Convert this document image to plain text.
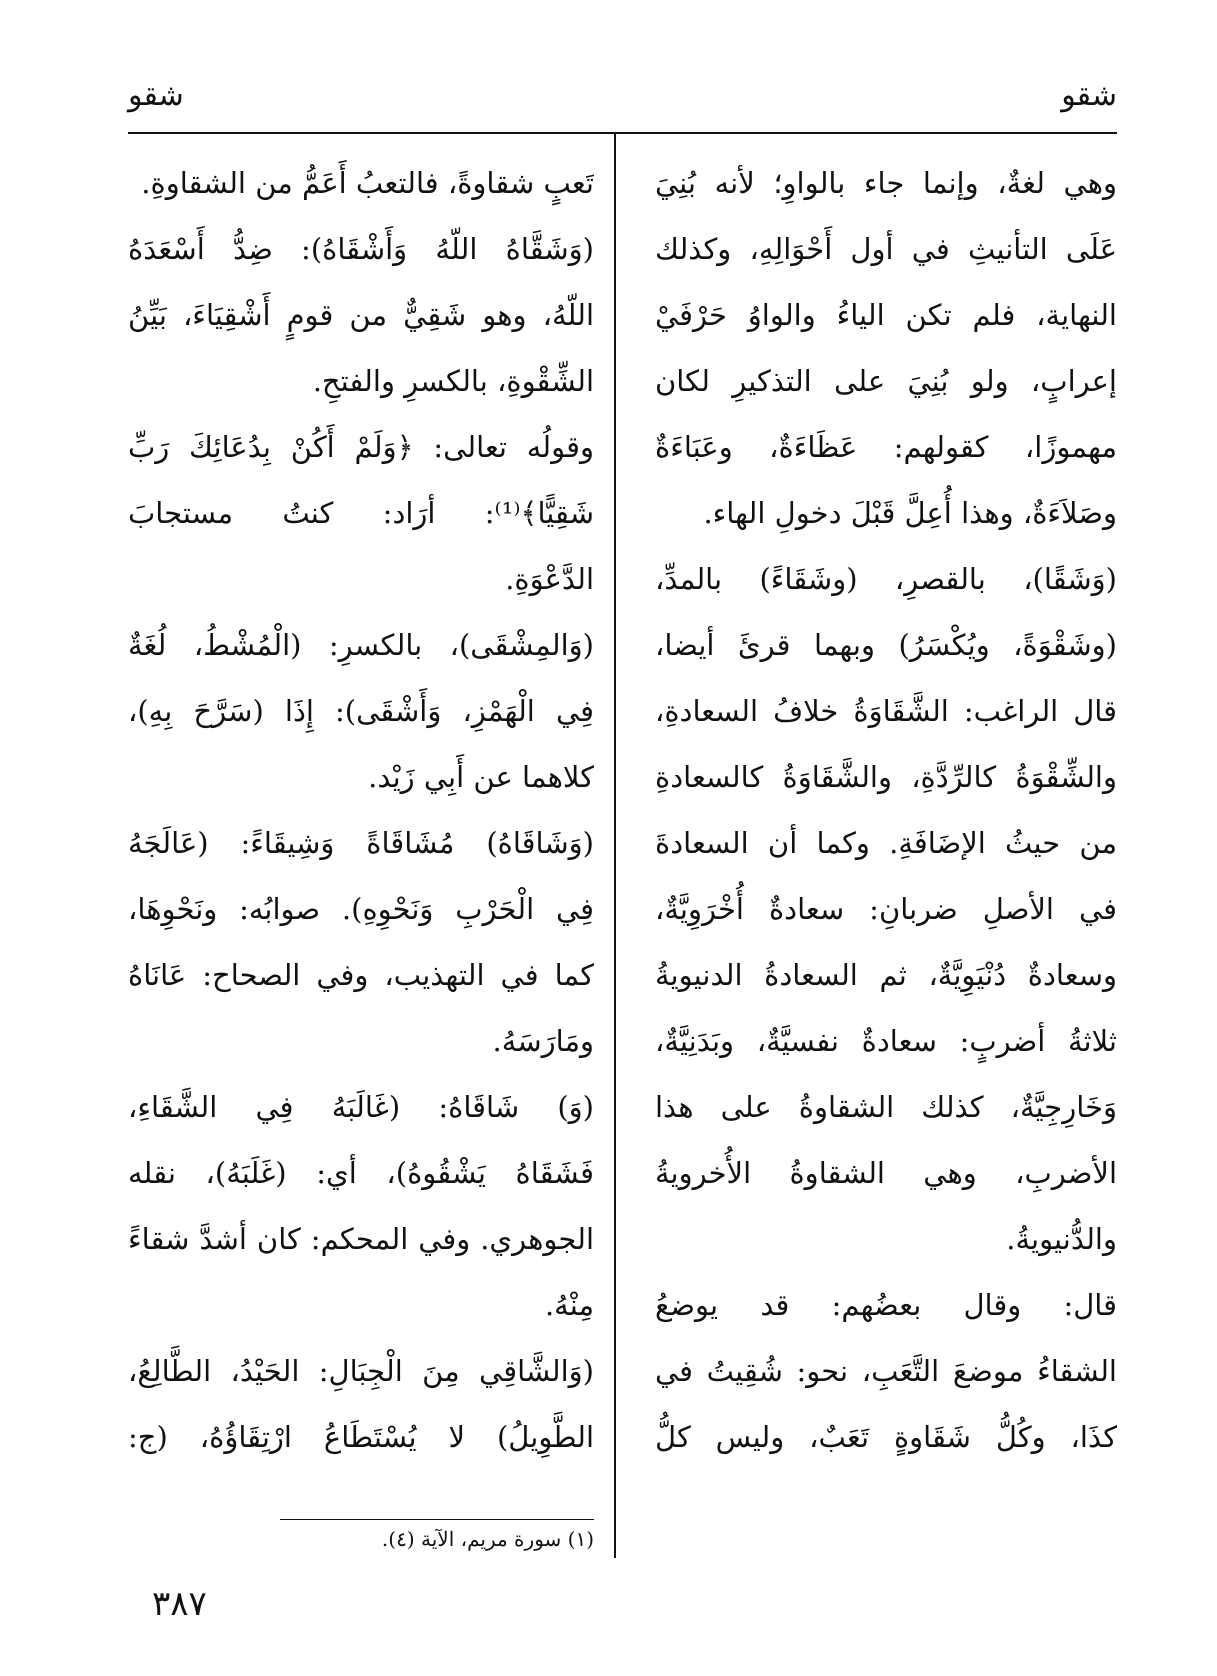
شقو
شقو
وهي لغةٌ، وإنما جاء بالواوِ؛ لأنه بُنِيَ
عَلَى التأنيثِ في أول أَحْوَالِهِ، وكذلك
النهاية، فلم تكن الياءُ والواوُ حَرْفَيْ
إعرابٍ، ولو بُنِيَ على التذكيرِ لكان
مهموزًا، كقولهم: عَظَاءَةٌ، وعَبَاءَةٌ
وصَلاَءَةٌ، وهذا أُعِلَّ قَبْلَ دخولِ الهاء.
(وَشَقًا)، بالقصرِ، (وشَقَاءً) بالمدِّ،
(وشَقْوَةً، ويُكْسَرُ) وبهما قرئَ أيضا،
قال الراغب: الشَّقَاوَةُ خلافُ السعادةِ،
والشِّقْوَةُ كالرِّدَّةِ، والشَّقَاوَةُ كالسعادةِ
من حيثُ الإضَافَةِ. وكما أن السعادةَ
في الأصلِ ضربانِ: سعادةٌ أُخْرَوِيَّةٌ،
وسعادةٌ دُنْيَوِيَّةٌ، ثم السعادةُ الدنيويةُ
ثلاثةُ أضربٍ: سعادةٌ نفسيَّةٌ، وبَدَنِيَّةٌ،
وَخَارِجِيَّةٌ، كذلك الشقاوةُ على هذا
الأضربِ، وهي الشقاوةُ الأُخرويةُ
والدُّنيويةُ.
قال: وقال بعضُهم: قد يوضعُ
الشقاءُ موضعَ التَّعَبِ، نحو: شُقِيتُ في
كذَا، وكُلُّ شَقَاوةٍ تَعَبٌ، وليس كلُّ
تَعبٍ شقاوةً، فالتعبُ أَعَمُّ من الشقاوةِ.
(وَشَقَّاهُ اللّهُ وَأَشْقَاهُ): ضِدُّ أَسْعَدَهُ
اللّهُ، وهو شَقِيٌّ من قومٍ أَشْقِيَاءَ، بَيِّنُ
الشِّقْوةِ، بالكسرِ والفتحِ.
وقولُه تعالى: ﴿وَلَمْ أَكُنْ بِدُعَائِكَ رَبِّ
شَقِيًّا﴾⁽¹⁾: أرَاد: كنتُ مستجابَ
الدَّعْوَةِ.
(وَالمِشْقَى)، بالكسرِ: (الْمُشْطُ، لُغَةٌ
فِي الْهَمْزِ، وَأَشْقَى): إِذَا (سَرَّحَ بِهِ)،
كلاهما عن أَبِي زَيْد.
(وَشَاقَاهُ) مُشَاقَاةً وَشِيقَاءً: (عَالَجَهُ
فِي الْحَرْبِ وَنَحْوِهِ). صوابُه: ونَحْوِهَا،
كما في التهذيب، وفي الصحاح: عَانَاهُ
ومَارَسَهُ.
(وَ) شَاقَاهُ: (غَالَبَهُ فِي الشَّقَاءِ،
فَشَقَاهُ يَشْقُوهُ)، أي: (غَلَبَهُ)، نقله
الجوهري. وفي المحكم: كان أشدَّ شقاءً
مِنْهُ.
(وَالشَّاقِي مِنَ الْجِبَالِ: الحَيْدُ، الطَّالِعُ،
الطَّوِيلُ) لا يُسْتَطَاعُ ارْتِقَاؤُهُ، (ج:
(١) سورة مريم، الآية (٤).
٣٨٧
